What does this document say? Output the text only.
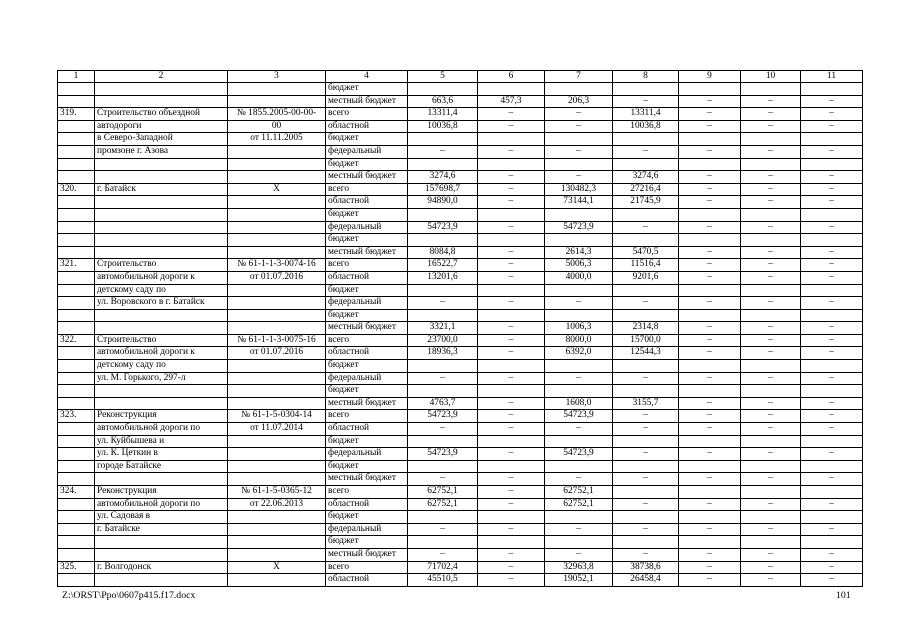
1	2	3	4	5	6	7	8	9	10	11
			бюджет							
			местный бюджет	663,6	457,3	206,3	–	–	–	–
319.	Строительство объездной	№ 1855.2005-00-00-	всего	13311,4	–	–	13311,4	–	–	–
	автодороги	00	областной	10036,8	–	–	10036,8	–	–	–
	в Северо-Западной	от 11.11.2005	бюджет							
	промзоне г. Азова		федеральный	–	–	–	–	–	–	–
			бюджет							
			местный бюджет	3274,6	–	–	3274,6	–	–	–
320.	г. Батайск	Х	всего	157698,7	–	130482,3	27216,4	–	–	–
			областной	94890,0	–	73144,1	21745,9	–	–	–
			бюджет							
			федеральный	54723,9	–	54723,9	–	–	–	–
			бюджет							
			местный бюджет	8084,8	–	2614,3	5470,5	–	–	–
321.	Строительство	№ 61-1-1-3-0074-16	всего	16522,7	–	5006,3	11516,4	–	–	–
	автомобильной дороги к	от 01.07.2016	областной	13201,6	–	4000,0	9201,6	–	–	–
	детскому саду по		бюджет							
	ул. Воровского в г. Батайск		федеральный	–	–	–	–	–	–	–
			бюджет							
			местный бюджет	3321,1	–	1006,3	2314,8	–	–	–
322.	Строительство	№ 61-1-1-3-0075-16	всего	23700,0	–	8000,0	15700,0	–	–	–
	автомобильной дороги к	от 01.07.2016	областной	18936,3	–	6392,0	12544,3	–	–	–
	детскому саду по		бюджет							
	ул. М. Горького, 297-л		федеральный	–	–	–	–	–	–	–
			бюджет							
			местный бюджет	4763,7	–	1608,0	3155,7	–	–	–
323.	Реконструкция	№ 61-1-5-0304-14	всего	54723,9	–	54723,9	–	–	–	–
	автомобильной дороги по	от 11.07.2014	областной	–	–	–	–	–	–	–
	ул. Куйбышева и		бюджет							
	ул. К. Цеткин в		федеральный	54723,9	–	54723,9	–	–	–	–
	городе Батайске		бюджет							
			местный бюджет	–	–	–	–	–	–	–
324.	Реконструкция	№ 61-1-5-0365-12	всего	62752,1	–	62752,1				
	автомобильной дороги по	от 22.06.2013	областной	62752,1	–	62752,1	–	–	–	–
	ул. Садовая в		бюджет							
	г. Батайске		федеральный	–	–	–	–	–	–	–
			бюджет							
			местный бюджет	–	–	–	–	–	–	–
325.	г. Волгодонск	Х	всего	71702,4	–	32963,8	38738,6	–	–	–
			областной	45510,5	–	19052,1	26458,4	–	–	–
Z:\ORST\Ppo\0607p415.f17.docx	101
